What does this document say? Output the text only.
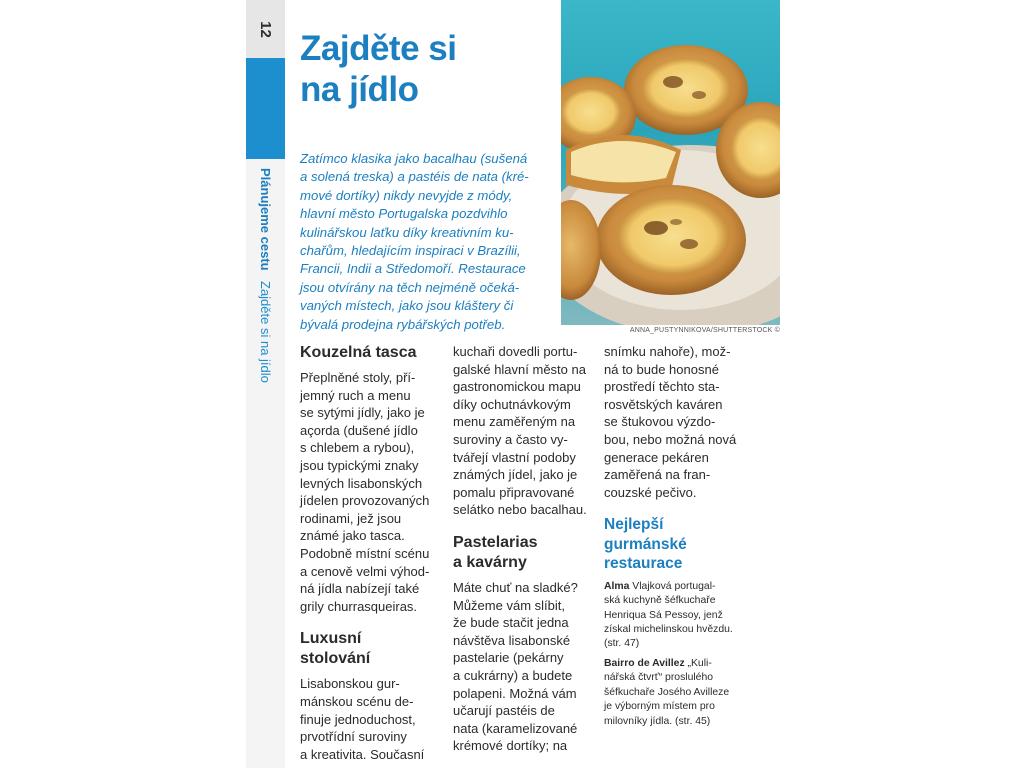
12
Plánujeme cestu Zajděte si na jídlo
Zajděte si
na jídlo

Zatímco klasika jako bacalhau (sušená
a solená treska) a pastéis de nata (kré-
mové dortíky) nikdy nevyjde z módy,
hlavní město Portugalska pozdvihlo
kulinářskou laťku díky kreativním ku-
chařům, hledajícím inspiraci v Brazílii,
Francii, Indii a Středomoří. Restaurace
jsou otvírány na těch nejméně očeká-
vaných místech, jako jsou kláštery či
bývalá prodejna rybářských potřeb.	ANNA_PUSTYNNIKOVA/SHUTTERSTOCK ©
Kouzelná tasca

Přeplněné stoly, pří-
jemný ruch a menu
se sytými jídly, jako je
açorda (dušené jídlo
s chlebem a rybou),
jsou typickými znaky
levných lisabonských
jídelen provozovaných
rodinami, jež jsou
známé jako tasca.
Podobně místní scénu
a cenově velmi výhod-
ná jídla nabízejí také
grily churrasqueiras.

Luxusní
stolování

Lisabonskou gur-
mánskou scénu de-
finuje jednoduchost,
prvotřídní suroviny
a kreativita. Současní

kuchaři dovedli portu-
galské hlavní město na
gastronomickou mapu
díky ochutnávkovým
menu zaměřeným na
suroviny a často vy-
tvářejí vlastní podoby
známých jídel, jako je
pomalu připravované
selátko nebo bacalhau.

Pastelarias
a kavárny

Máte chuť na sladké?
Můžeme vám slíbit,
že bude stačit jedna
návštěva lisabonské
pastelarie (pekárny
a cukrárny) a budete
polapeni. Možná vám
učarují pastéis de
nata (karamelizované
krémové dortíky; na

snímku nahoře), mož-
ná to bude honosné
prostředí těchto sta-
rosvětských kaváren
se štukovou výzdo-
bou, nebo možná nová
generace pekáren
zaměřená na fran-
couzské pečivo.

Nejlepší
gurmánské
restaurace

Alma Vlajková portugal-
ská kuchyně šéfkuchaře
Henriqua Sá Pessoy, jenž
získal michelinskou hvězdu.
(str. 47)

Bairro de Avillez „Kuli-
nářská čtvrť“ proslulého
šéfkuchaře Josého Avilleze
je výborným místem pro
milovníky jídla. (str. 45)
